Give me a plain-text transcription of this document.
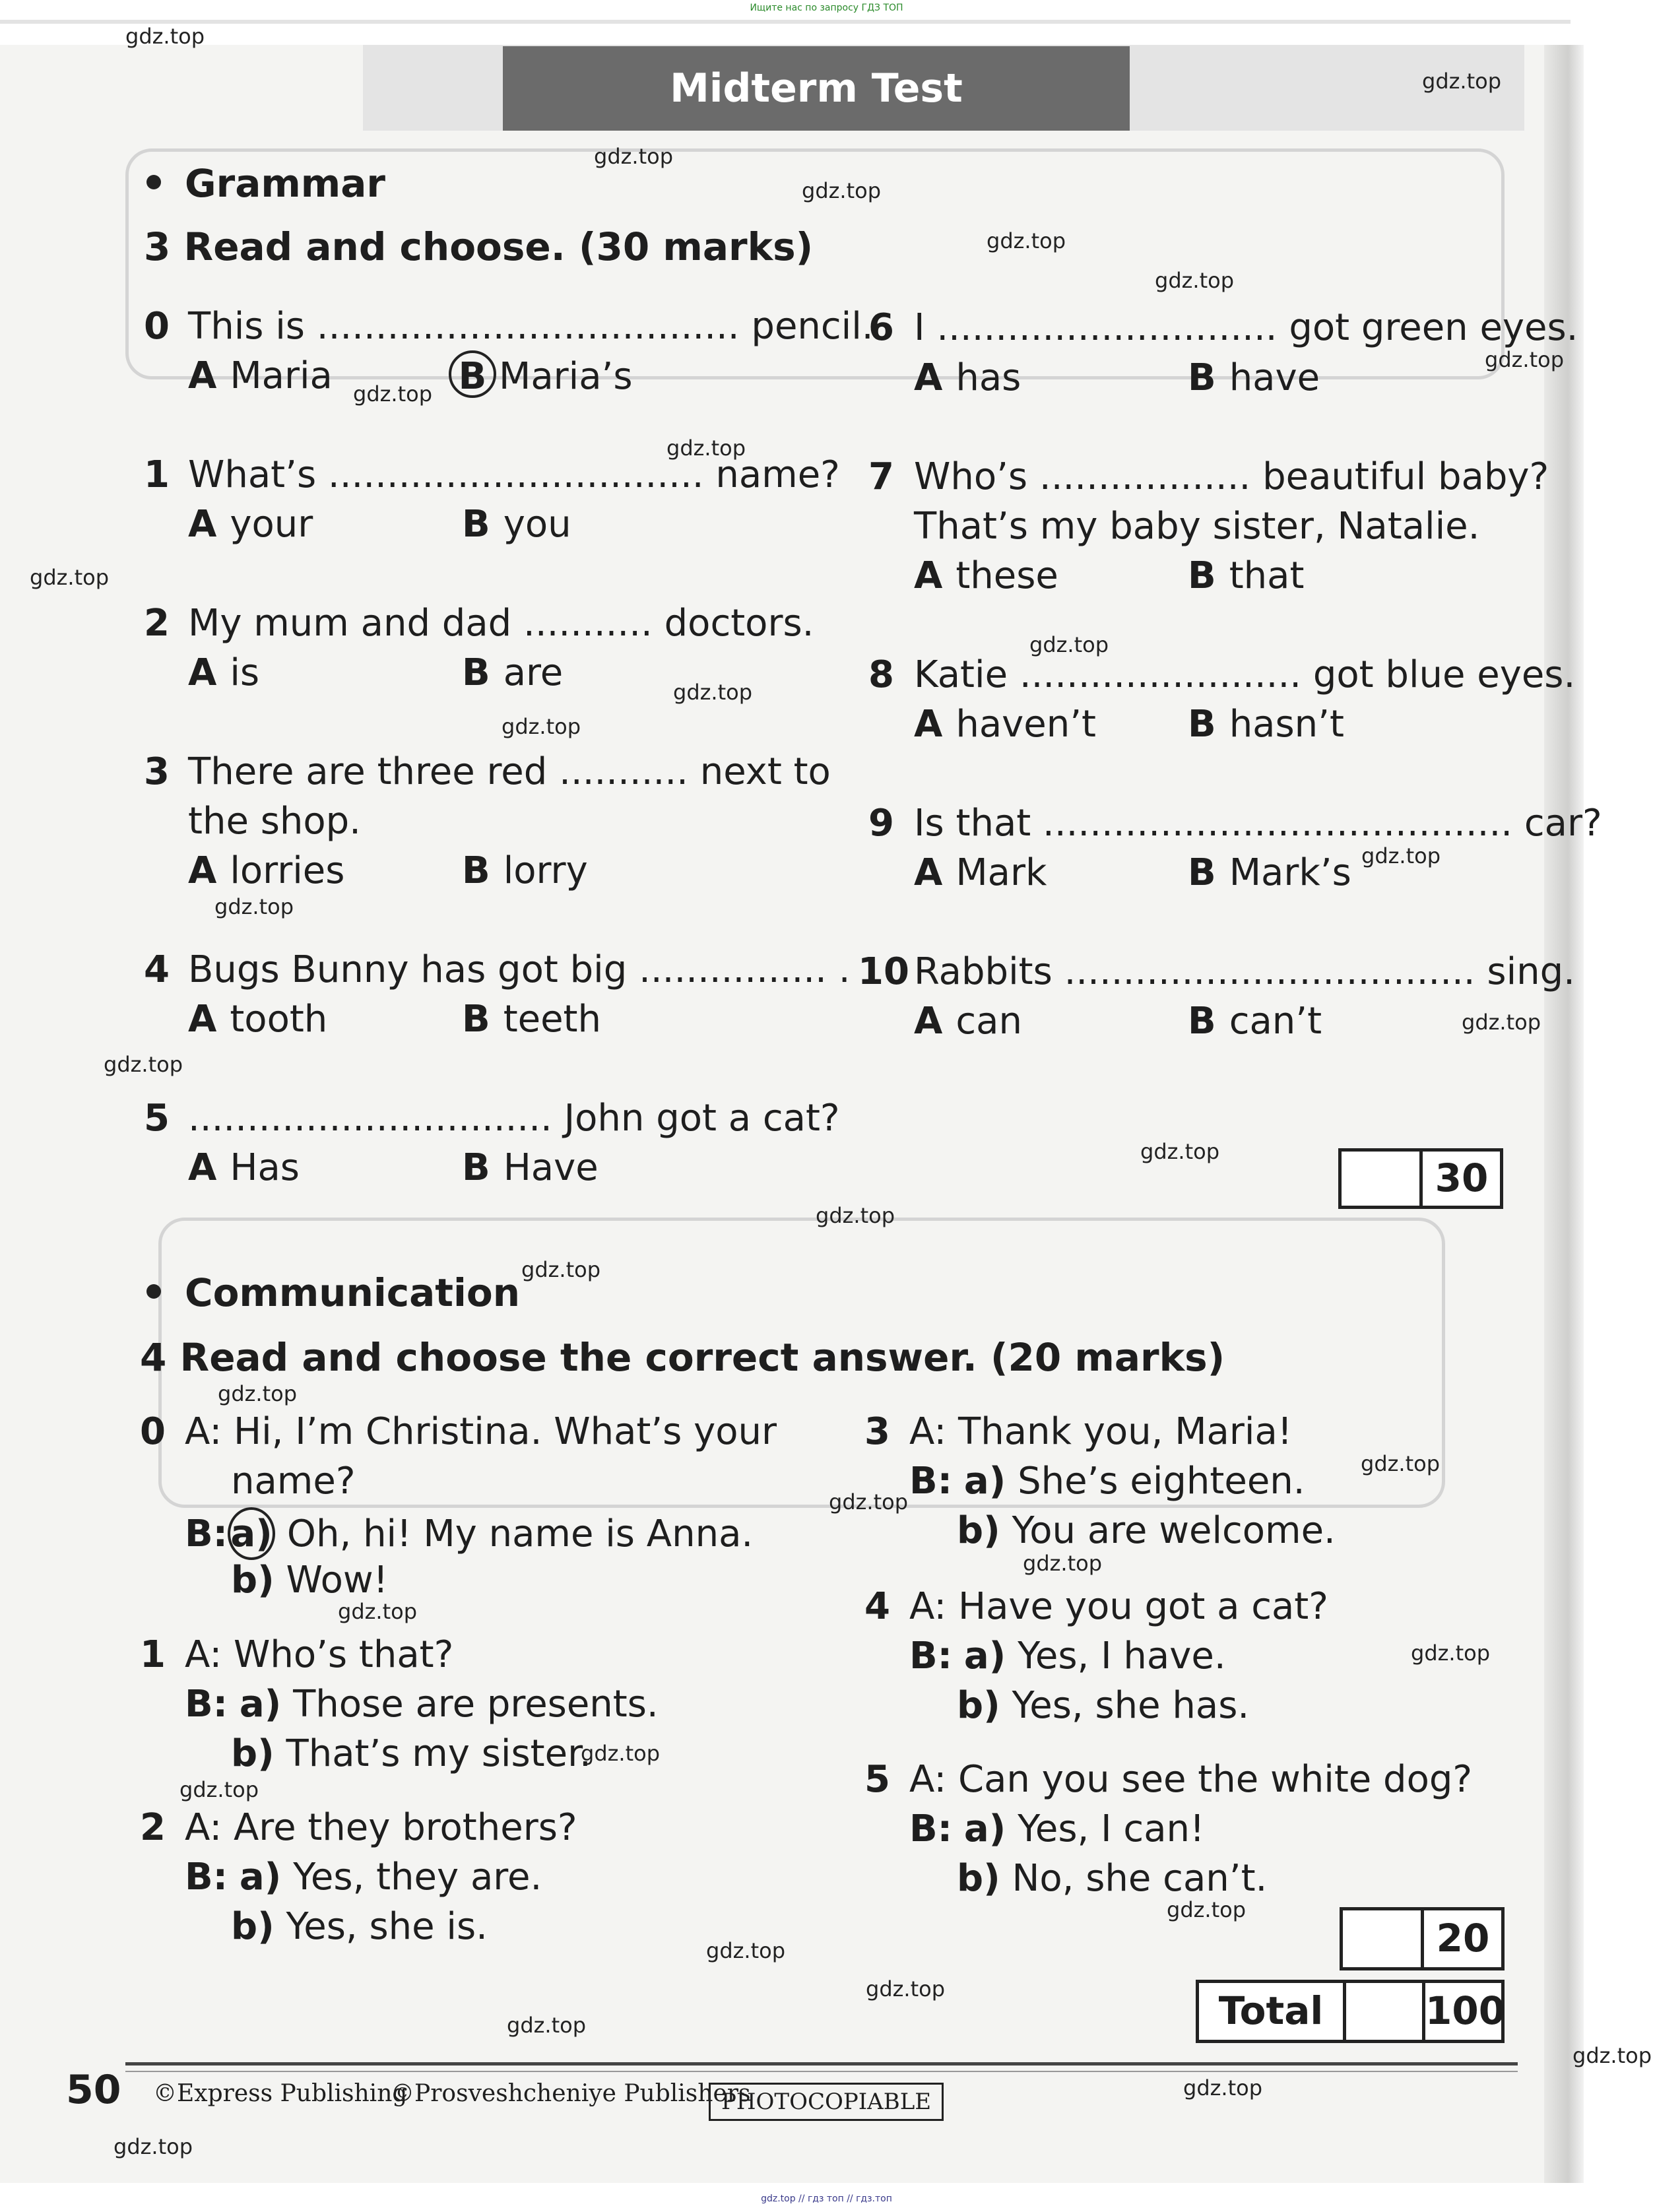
Ищите нас по запросу ГДЗ ТОП
Midterm Test
Grammar
3 Read and choose. (30 marks)
0 This is .................................... pencil.
A Maria	B Maria’s
1 What’s ................................ name?
A your	B you
2 My mum and dad ........... doctors.
A is	B are
3 There are three red ........... next to
the shop.
A lorries	B lorry
4 Bugs Bunny has got big ................ .
A tooth	B teeth
5 ............................... John got a cat?
A Has	B Have
6 I ............................. got green eyes.
A has	B have
7 Who’s .................. beautiful baby?
That’s my baby sister, Natalie.
A these	B that
8 Katie ........................ got blue eyes.
A haven’t B hasn’t
9 Is that ........................................ car?
A Mark	B Mark’s
10 Rabbits ................................... sing.
A can	B can’t
30
Communication
4 Read and choose the correct answer. (20 marks)
0 A: Hi, I’m Christina. What’s your
name?
B:a) Oh, hi! My name is Anna.
b) Wow!
1 A: Who’s that?
B: a) Those are presents.
b) That’s my sister.
2 A: Are they brothers?
B: a) Yes, they are.
b) Yes, she is.
3 A: Thank you, Maria!
B: a) She’s eighteen.
b) You are welcome.
4 A: Have you got a cat?
B: a) Yes, I have.
b) Yes, she has.
5 A: Can you see the white dog?
B: a) Yes, I can!
b) No, she can’t.
20
Total	100
50 ©Express Publishing
©Prosveshcheniye Publishers
PHOTOCOPIABLE
gdz.top // гдз топ // гдз.топ
gdz.top
gdz.top
gdz.top
gdz.top
gdz.top
gdz.top
gdz.top
gdz.top
gdz.top
gdz.top
gdz.top
gdz.top
gdz.top
gdz.top
gdz.top
gdz.top
gdz.top
gdz.top
gdz.top
gdz.top
gdz.top
gdz.top
gdz.top
gdz.top
gdz.top
gdz.top
gdz.top
gdz.top
gdz.top
gdz.top
gdz.top
gdz.top
gdz.top
gdz.top
gdz.top
